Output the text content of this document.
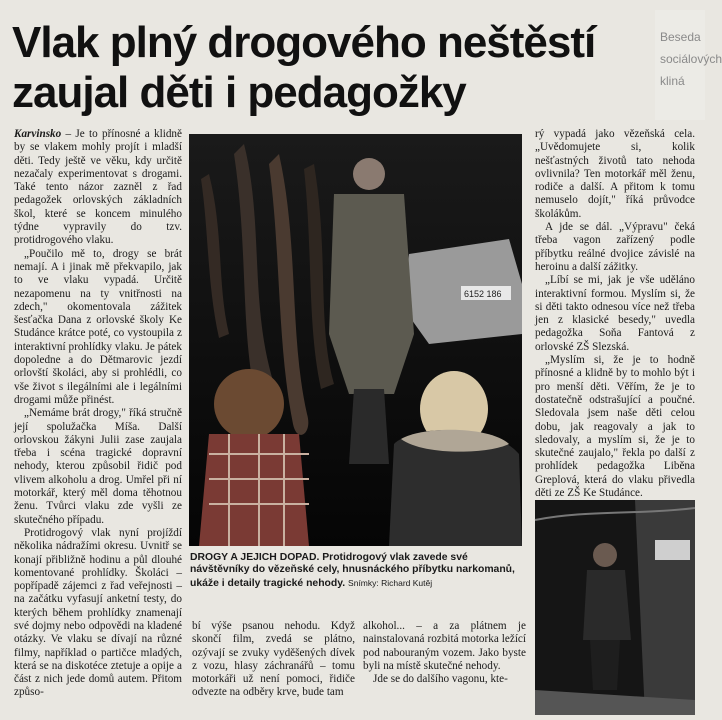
Beseda
sociálových
kliná
Vlak plný drogového neštěstí
zaujal děti i pedagožky

Karvinsko – Je to přínosné a klidně by se vlakem mohly projít i mladší děti. Tedy ještě ve věku, kdy určitě nezačaly experimentovat s drogami. Také tento názor zazněl z řad pedagožek orlovských základních škol, které se koncem minulého týdne vypravily do tzv. protidrogového vlaku.

„Poučilo mě to, drogy se brát nemají. A i jinak mě překvapilo, jak to ve vlaku vypadá. Určitě nezapomenu na ty vnitřnosti na zdech," okomentovala zážitek šesťačka Dana z orlovské školy Ke Studánce krátce poté, co vystoupila z interaktivní prohlídky vlaku. Je pátek dopoledne a do Dětmarovic jezdí orlovští školáci, aby si prohlédli, co vše život s ilegálními ale i legálními drogami může přinést.

„Nemáme brát drogy," říká stručně její spolužačka Míša. Další orlovskou žákyni Julii zase zaujala třeba i scéna tragické dopravní nehody, kterou způsobil řidič pod vlivem alkoholu a drog. Umřel při ní motorkář, který měl doma těhotnou ženu. Tvůrci vlaku zde vyšli ze skutečného případu.

Protidrogový vlak nyní projíždí několika nádražími okresu. Uvnitř se konají přibližně hodinu a půl dlouhé komentované prohlídky. Školáci – popřípadě zájemci z řad veřejnosti – na začátku vyfasují anketní testy, do kterých během prohlídky znamenají své dojmy nebo odpovědi na kladené otázky. Ve vlaku se dívají na různé filmy, například o partičce mladých, která se na diskotéce ztetuje a opije a část z nich jede domů autem. Přitom způso-

6152 186
DROGY A JEJICH DOPAD. Protidrogový vlak zavede své návštěvníky do vězeňské cely, hnusnáckého příbytku narkomanů, ukáže i detaily tragické nehody. Snímky: Richard Kutěj

bí výše psanou nehodu. Když skončí film, zvedá se plátno, ozývají se zvuky vyděšených dívek z vozu, hlasy záchranářů – tomu motorkáři už není pomoci, řidiče odvezte na odběry krve, bude tam

alkohol... – a za plátnem je nainstalovaná rozbitá motorka ležící pod nabouraným vozem. Jako byste byli na místě skutečné nehody.

Jde se do dalšího vagonu, kte-

rý vypadá jako vězeňská cela. „Uvědomujete si, kolik nešťastných životů tato nehoda ovlivnila? Ten motorkář měl ženu, rodiče a další. A přitom k tomu nemuselo dojít," říká průvodce školákům.

A jde se dál. „Výpravu" čeká třeba vagon zařízený podle příbytku reálné dvojice závislé na heroinu a další zážitky.

„Líbí se mi, jak je vše uděláno interaktivní formou. Myslím si, že si děti takto odnesou více než třeba jen z klasické besedy," uvedla pedagožka Soňa Fantová z orlovské ZŠ Slezská.

„Myslím si, že je to hodně přínosné a klidně by to mohlo být i pro menší děti. Věřím, že je to dostatečně odstrašující a poučné. Sledovala jsem naše děti celou dobu, jak reagovaly a jak to sledovaly, a myslím si, že je to skutečné zaujalo," řekla po další z prohlídek pedagožka Liběna Greplová, která do vlaku přivedla děti ze ZŠ Ke Studánce.
